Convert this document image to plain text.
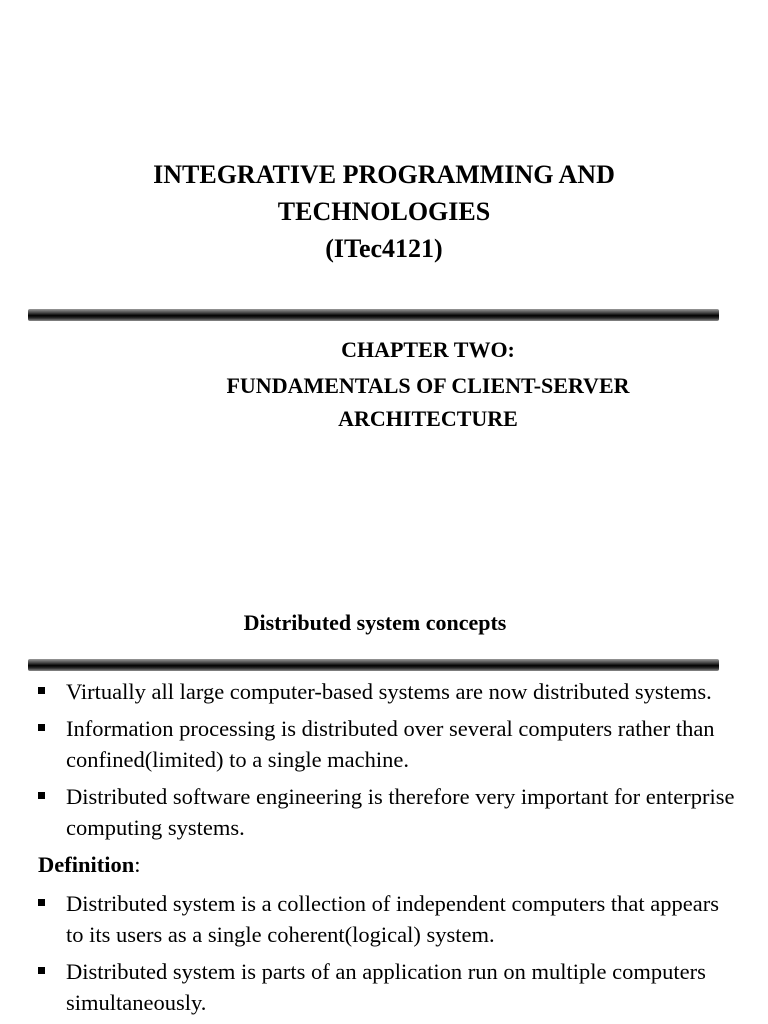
INTEGRATIVE PROGRAMMING AND
TECHNOLOGIES
(ITec4121)
CHAPTER TWO:
FUNDAMENTALS OF CLIENT-SERVER
ARCHITECTURE
Distributed system concepts
Virtually all large computer-based systems are now distributed systems.
Information processing is distributed over several computers rather than confined(limited) to a single machine.
Distributed software engineering is therefore very important for enterprise computing systems.
Definition:
Distributed system is a collection of independent computers that appears to its users as a single coherent(logical) system.
Distributed system is parts of an application run on multiple computers simultaneously.
